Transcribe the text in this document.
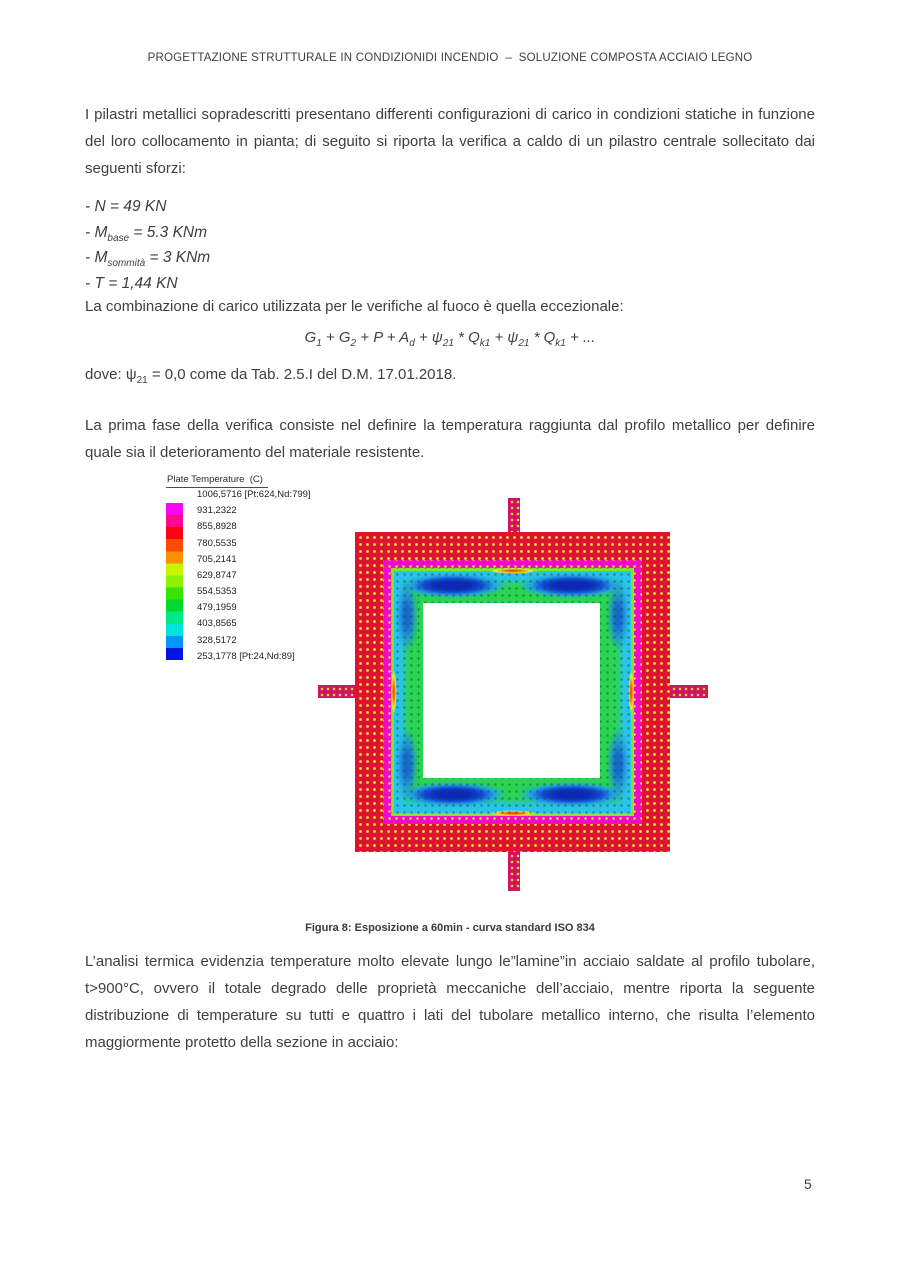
PROGETTAZIONE STRUTTURALE IN CONDIZIONIDI INCENDIO  –  SOLUZIONE COMPOSTA ACCIAIO LEGNO
I pilastri metallici sopradescritti presentano differenti configurazioni di carico in condizioni statiche in funzione del loro collocamento in pianta; di seguito si riporta la verifica a caldo di un pilastro centrale sollecitato dai seguenti sforzi:
- N = 49 KN
- $M_{base} = 5.3$ KNm
- $M_{sommità} = 3$ KNm
- T = 1,44 KN
La combinazione di carico utilizzata per le verifiche al fuoco è quella eccezionale:
$G_1 + G_2 + P + A_d + \psi_{21} * Q_{k1} + \psi_{21} * Q_{k1}$ + ...
dove: $\psi_{21} = 0,0$ come da Tab. 2.5.I del D.M. 17.01.2018.
La prima fase della verifica consiste nel definire la temperatura raggiunta dal profilo metallico per definire quale sia il deterioramento del materiale resistente.
Plate Temperature  (C)
1006,5716 [Pt:624,Nd:799]
931,2322
855,8928
780,5535
705,2141
629,8747
554,5353
479,1959
403,8565
328,5172
253,1778 [Pt:24,Nd:89]
Figura 8: Esposizione a 60min - curva standard ISO 834
L’analisi termica evidenzia temperature molto elevate lungo le”lamine”in acciaio saldate al profilo tubolare, t>900°C, ovvero il totale degrado delle proprietà meccaniche dell’acciaio, mentre riporta la seguente distribuzione di temperature su tutti e quattro i lati del tubolare metallico interno, che risulta l’elemento maggiormente protetto della sezione in acciaio:
5
